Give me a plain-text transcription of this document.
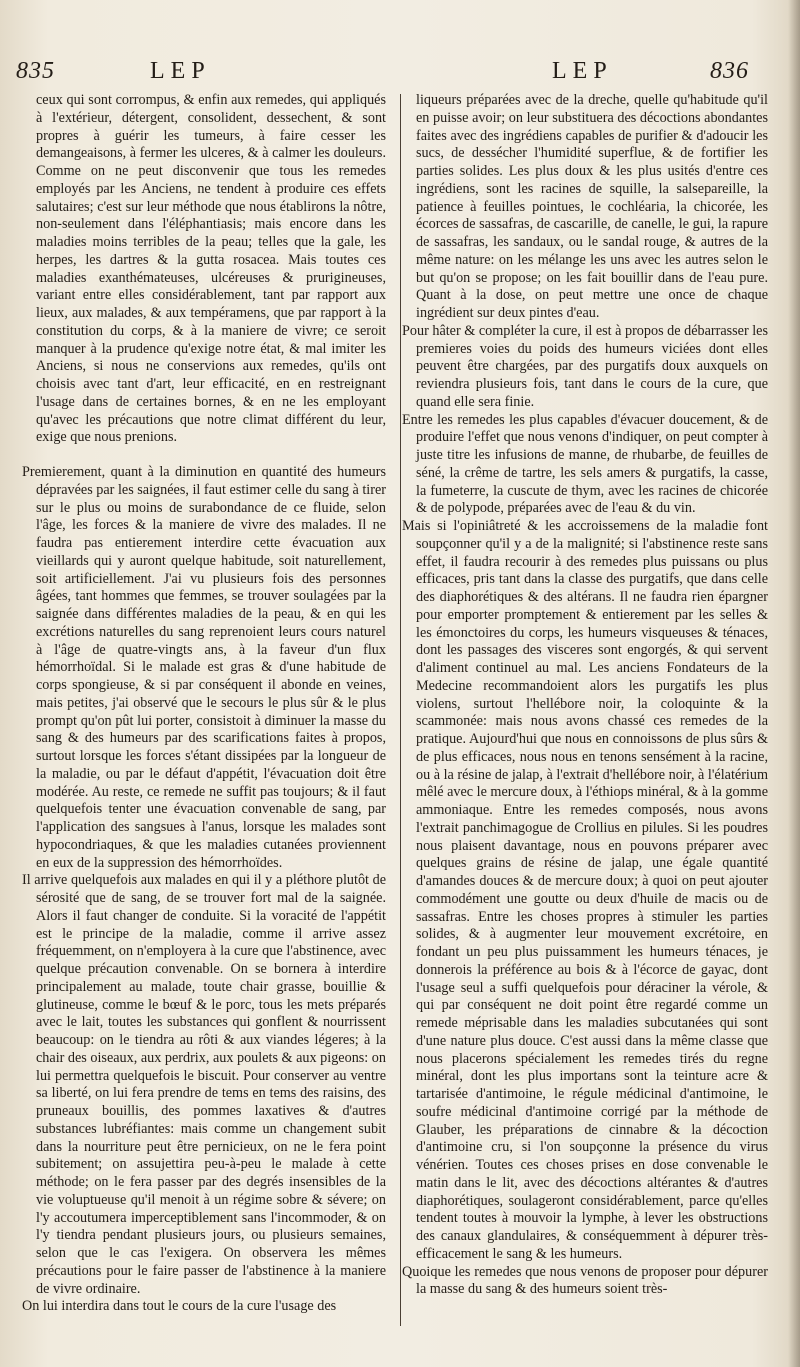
835	LEP	LEP	836

ceux qui sont corrompus, & enfin aux remedes, qui appliqués à l'extérieur, détergent, consolident, dessechent, & sont propres à guérir les tumeurs, à faire cesser les demangeaisons, à fermer les ulceres, & à calmer les douleurs. Comme on ne peut disconvenir que tous les remedes employés par les Anciens, ne tendent à produire ces effets salutaires; c'est sur leur méthode que nous établirons la nôtre, non-seulement dans l'éléphantiasis; mais encore dans les maladies moins terribles de la peau; telles que la gale, les herpes, les dartres & la gutta rosacea. Mais toutes ces maladies exanthémateuses, ulcéreuses & prurigineuses, variant entre elles considérablement, tant par rapport aux lieux, aux malades, & aux tempéramens, que par rapport à la constitution du corps, & à la maniere de vivre; ce seroit manquer à la prudence qu'exige notre état, & mal imiter les Anciens, si nous ne conservions aux remedes, qu'ils ont choisis avec tant d'art, leur efficacité, en en restreignant l'usage dans de certaines bornes, & en ne les employant qu'avec les précautions que notre climat différent du leur, exige que nous prenions.

Premierement, quant à la diminution en quantité des humeurs dépravées par les saignées, il faut estimer celle du sang à tirer sur le plus ou moins de surabondance de ce fluide, selon l'âge, les forces & la maniere de vivre des malades. Il ne faudra pas entierement interdire cette évacuation aux vieillards qui y auront quelque habitude, soit naturellement, soit artificiellement. J'ai vu plusieurs fois des personnes âgées, tant hommes que femmes, se trouver soulagées par la saignée dans différentes maladies de la peau, & en qui les excrétions naturelles du sang reprenoient leurs cours naturel à l'âge de quatre-vingts ans, à la faveur d'un flux hémorrhoïdal. Si le malade est gras & d'une habitude de corps spongieuse, & si par conséquent il abonde en veines, mais petites, j'ai observé que le secours le plus sûr & le plus prompt qu'on pût lui porter, consistoit à diminuer la masse du sang & des humeurs par des scarifications faites à propos, surtout lorsque les forces s'étant dissipées par la longueur de la maladie, ou par le défaut d'appétit, l'évacuation doit être modérée. Au reste, ce remede ne suffit pas toujours; & il faut quelquefois tenter une évacuation convenable de sang, par l'application des sangsues à l'anus, lorsque les malades sont hypocondriaques, & que les maladies cutanées proviennent en eux de la suppression des hémorrhoïdes.

Il arrive quelquefois aux malades en qui il y a pléthore plutôt de sérosité que de sang, de se trouver fort mal de la saignée. Alors il faut changer de conduite. Si la voracité de l'appétit est le principe de la maladie, comme il arrive assez fréquemment, on n'employera à la cure que l'abstinence, avec quelque précaution convenable. On se bornera à interdire principalement au malade, toute chair grasse, bouillie & glutineuse, comme le bœuf & le porc, tous les mets préparés avec le lait, toutes les substances qui gonflent & nourrissent beaucoup: on le tiendra au rôti & aux viandes légeres; à la chair des oiseaux, aux perdrix, aux poulets & aux pigeons: on lui permettra quelquefois le biscuit. Pour conserver au ventre sa liberté, on lui fera prendre de tems en tems des raisins, des pruneaux bouillis, des pommes laxatives & d'autres substances lubréfiantes: mais comme un changement subit dans la nourriture peut être pernicieux, on ne le fera point subitement; on assujettira peu-à-peu le malade à cette méthode; on le fera passer par des degrés insensibles de la vie voluptueuse qu'il menoit à un régime sobre & sévere; on l'y accoutumera imperceptiblement sans l'incommoder, & on l'y tiendra pendant plusieurs jours, ou plusieurs semaines, selon que le cas l'exigera. On observera les mêmes précautions pour le faire passer de l'abstinence à la maniere de vivre ordinaire.

On lui interdira dans tout le cours de la cure l'usage des

liqueurs préparées avec de la dreche, quelle qu'habitude qu'il en puisse avoir; on leur substituera des décoctions abondantes faites avec des ingrédiens capables de purifier & d'adoucir les sucs, de dessécher l'humidité superflue, & de fortifier les parties solides. Les plus doux & les plus usités d'entre ces ingrédiens, sont les racines de squille, la salsepareille, la patience à feuilles pointues, le cochléaria, la chicorée, les écorces de sassafras, de cascarille, de canelle, le gui, la rapure de sassafras, les sandaux, ou le sandal rouge, & autres de la même nature: on les mélange les uns avec les autres selon le but qu'on se propose; on les fait bouillir dans de l'eau pure. Quant à la dose, on peut mettre une once de chaque ingrédient sur deux pintes d'eau.

Pour hâter & compléter la cure, il est à propos de débarrasser les premieres voies du poids des humeurs viciées dont elles peuvent être chargées, par des purgatifs doux auxquels on reviendra plusieurs fois, tant dans le cours de la cure, que quand elle sera finie.

Entre les remedes les plus capables d'évacuer doucement, & de produire l'effet que nous venons d'indiquer, on peut compter à juste titre les infusions de manne, de rhubarbe, de feuilles de séné, la crême de tartre, les sels amers & purgatifs, la casse, la fumeterre, la cuscute de thym, avec les racines de chicorée & de polypode, préparées avec de l'eau & du vin.

Mais si l'opiniâtreté & les accroissemens de la maladie font soupçonner qu'il y a de la malignité; si l'abstinence reste sans effet, il faudra recourir à des remedes plus puissans ou plus efficaces, pris tant dans la classe des purgatifs, que dans celle des diaphorétiques & des altérans. Il ne faudra rien épargner pour emporter promptement & entierement par les selles & les émonctoires du corps, les humeurs visqueuses & ténaces, dont les passages des visceres sont engorgés, & qui servent d'aliment continuel au mal. Les anciens Fondateurs de la Medecine recommandoient alors les purgatifs les plus violens, surtout l'hellébore noir, la coloquinte & la scammonée: mais nous avons chassé ces remedes de la pratique. Aujourd'hui que nous en connoissons de plus sûrs & de plus efficaces, nous nous en tenons sensément à la racine, ou à la résine de jalap, à l'extrait d'hellébore noir, à l'élatérium mêlé avec le mercure doux, à l'éthiops minéral, & à la gomme ammoniaque. Entre les remedes composés, nous avons l'extrait panchimagogue de Crollius en pilules. Si les poudres nous plaisent davantage, nous en pouvons préparer avec quelques grains de résine de jalap, une égale quantité d'amandes douces & de mercure doux; à quoi on peut ajouter commodément une goutte ou deux d'huile de macis ou de sassafras. Entre les choses propres à stimuler les parties solides, & à augmenter leur mouvement excrétoire, en fondant un peu plus puissamment les humeurs ténaces, je donnerois la préférence au bois & à l'écorce de gayac, dont l'usage seul a suffi quelquefois pour déraciner la vérole, & qui par conséquent ne doit point être regardé comme un remede méprisable dans les maladies subcutanées qui sont d'une nature plus douce. C'est aussi dans la même classe que nous placerons spécialement les remedes tirés du regne minéral, dont les plus importans sont la teinture acre & tartarisée d'antimoine, le régule médicinal d'antimoine, le soufre médicinal d'antimoine corrigé par la méthode de Glauber, les préparations de cinnabre & la décoction d'antimoine cru, si l'on soupçonne la présence du virus vénérien. Toutes ces choses prises en dose convenable le matin dans le lit, avec des décoctions altérantes & d'autres diaphorétiques, soulageront considérablement, parce qu'elles tendent toutes à mouvoir la lymphe, à lever les obstructions des canaux glandulaires, & conséquemment à dépurer très-efficacement le sang & les humeurs.

Quoique les remedes que nous venons de proposer pour dépurer la masse du sang & des humeurs soient très-
